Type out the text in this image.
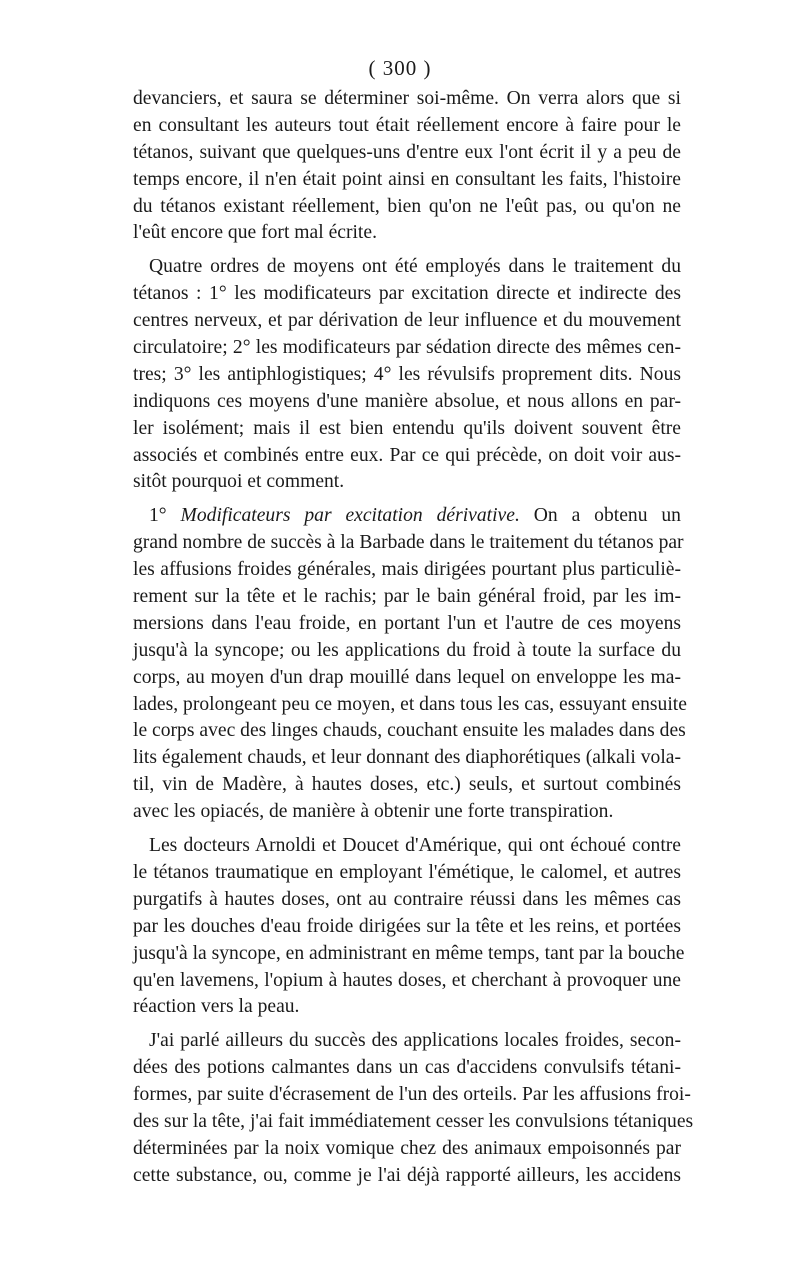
( 300 )
devanciers, et saura se déterminer soi-même. On verra alors que si
en consultant les auteurs tout était réellement encore à faire pour le
tétanos, suivant que quelques-uns d'entre eux l'ont écrit il y a peu de
temps encore, il n'en était point ainsi en consultant les faits, l'histoire
du tétanos existant réellement, bien qu'on ne l'eût pas, ou qu'on ne
l'eût encore que fort mal écrite.
Quatre ordres de moyens ont été employés dans le traitement du
tétanos : 1° les modificateurs par excitation directe et indirecte des
centres nerveux, et par dérivation de leur influence et du mouvement
circulatoire; 2° les modificateurs par sédation directe des mêmes cen-
tres; 3° les antiphlogistiques; 4° les révulsifs proprement dits. Nous
indiquons ces moyens d'une manière absolue, et nous allons en par-
ler isolément; mais il est bien entendu qu'ils doivent souvent être
associés et combinés entre eux. Par ce qui précède, on doit voir aus-
sitôt pourquoi et comment.
1° Modificateurs par excitation dérivative. On a obtenu un
grand nombre de succès à la Barbade dans le traitement du tétanos par
les affusions froides générales, mais dirigées pourtant plus particuliè-
rement sur la tête et le rachis; par le bain général froid, par les im-
mersions dans l'eau froide, en portant l'un et l'autre de ces moyens
jusqu'à la syncope; ou les applications du froid à toute la surface du
corps, au moyen d'un drap mouillé dans lequel on enveloppe les ma-
lades, prolongeant peu ce moyen, et dans tous les cas, essuyant ensuite
le corps avec des linges chauds, couchant ensuite les malades dans des
lits également chauds, et leur donnant des diaphorétiques (alkali vola-
til, vin de Madère, à hautes doses, etc.) seuls, et surtout combinés
avec les opiacés, de manière à obtenir une forte transpiration.
Les docteurs Arnoldi et Doucet d'Amérique, qui ont échoué contre
le tétanos traumatique en employant l'émétique, le calomel, et autres
purgatifs à hautes doses, ont au contraire réussi dans les mêmes cas
par les douches d'eau froide dirigées sur la tête et les reins, et portées
jusqu'à la syncope, en administrant en même temps, tant par la bouche
qu'en lavemens, l'opium à hautes doses, et cherchant à provoquer une
réaction vers la peau.
J'ai parlé ailleurs du succès des applications locales froides, secon-
dées des potions calmantes dans un cas d'accidens convulsifs tétani-
formes, par suite d'écrasement de l'un des orteils. Par les affusions froi-
des sur la tête, j'ai fait immédiatement cesser les convulsions tétaniques
déterminées par la noix vomique chez des animaux empoisonnés par
cette substance, ou, comme je l'ai déjà rapporté ailleurs, les accidens
